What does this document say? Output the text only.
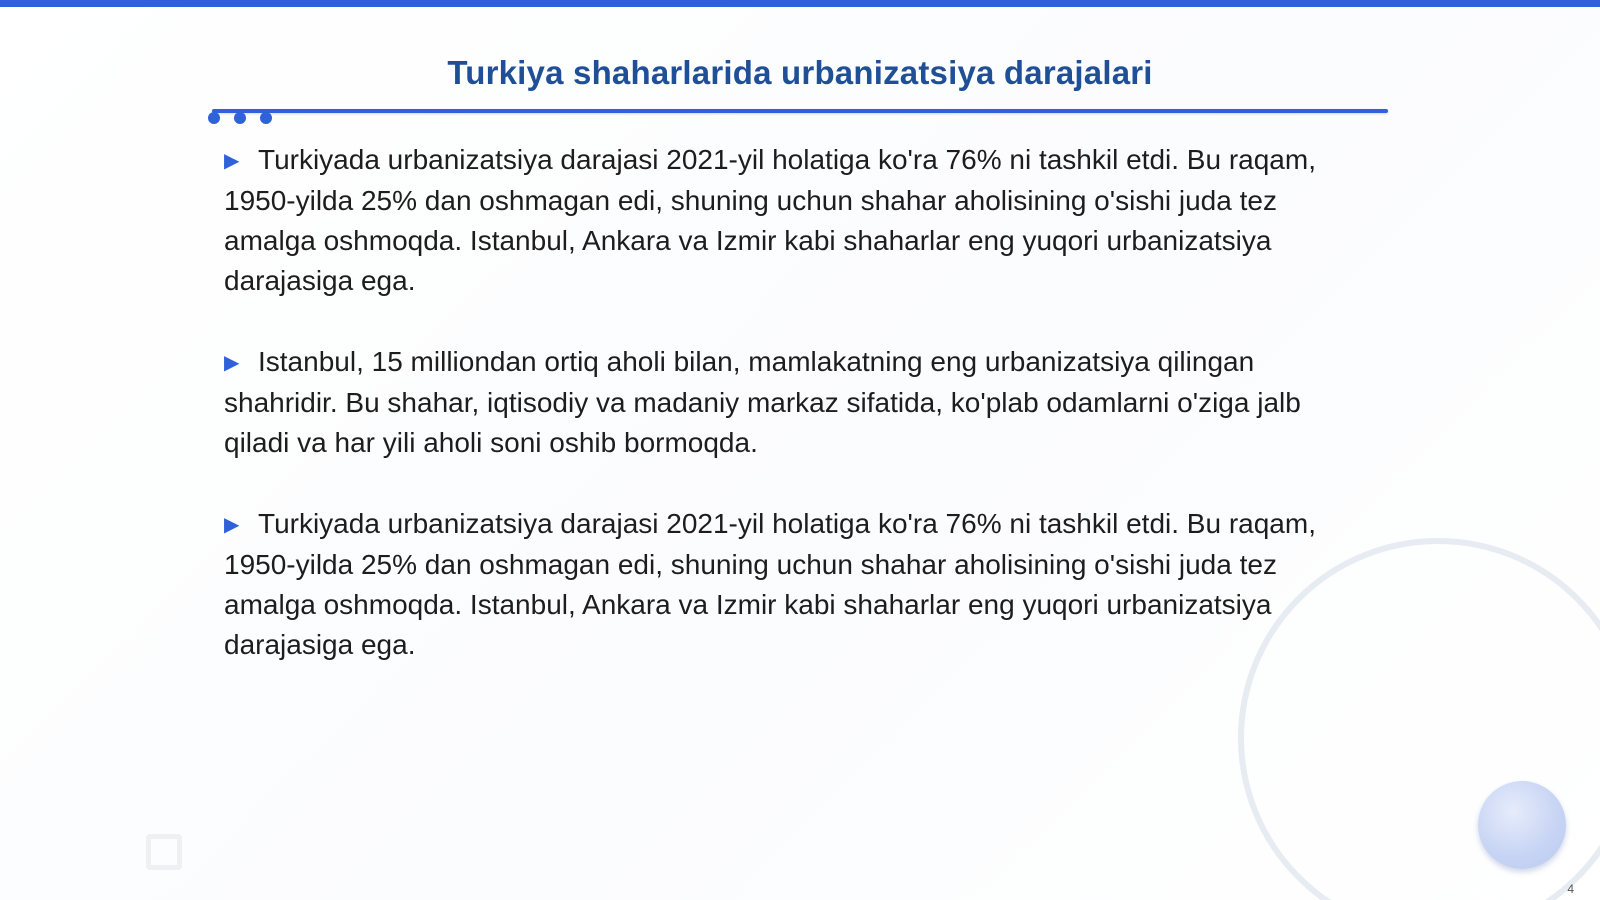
Turkiya shaharlarida urbanizatsiya darajalari

▶ Turkiyada urbanizatsiya darajasi 2021-yil holatiga ko'ra 76% ni tashkil etdi. Bu raqam, 1950-yilda 25% dan oshmagan edi, shuning uchun shahar aholisining o'sishi juda tez amalga oshmoqda. Istanbul, Ankara va Izmir kabi shaharlar eng yuqori urbanizatsiya darajasiga ega.

▶ Istanbul, 15 milliondan ortiq aholi bilan, mamlakatning eng urbanizatsiya qilingan shahridir. Bu shahar, iqtisodiy va madaniy markaz sifatida, ko'plab odamlarni o'ziga jalb qiladi va har yili aholi soni oshib bormoqda.

▶ Turkiyada urbanizatsiya darajasi 2021-yil holatiga ko'ra 76% ni tashkil etdi. Bu raqam, 1950-yilda 25% dan oshmagan edi, shuning uchun shahar aholisining o'sishi juda tez amalga oshmoqda. Istanbul, Ankara va Izmir kabi shaharlar eng yuqori urbanizatsiya darajasiga ega.

4
